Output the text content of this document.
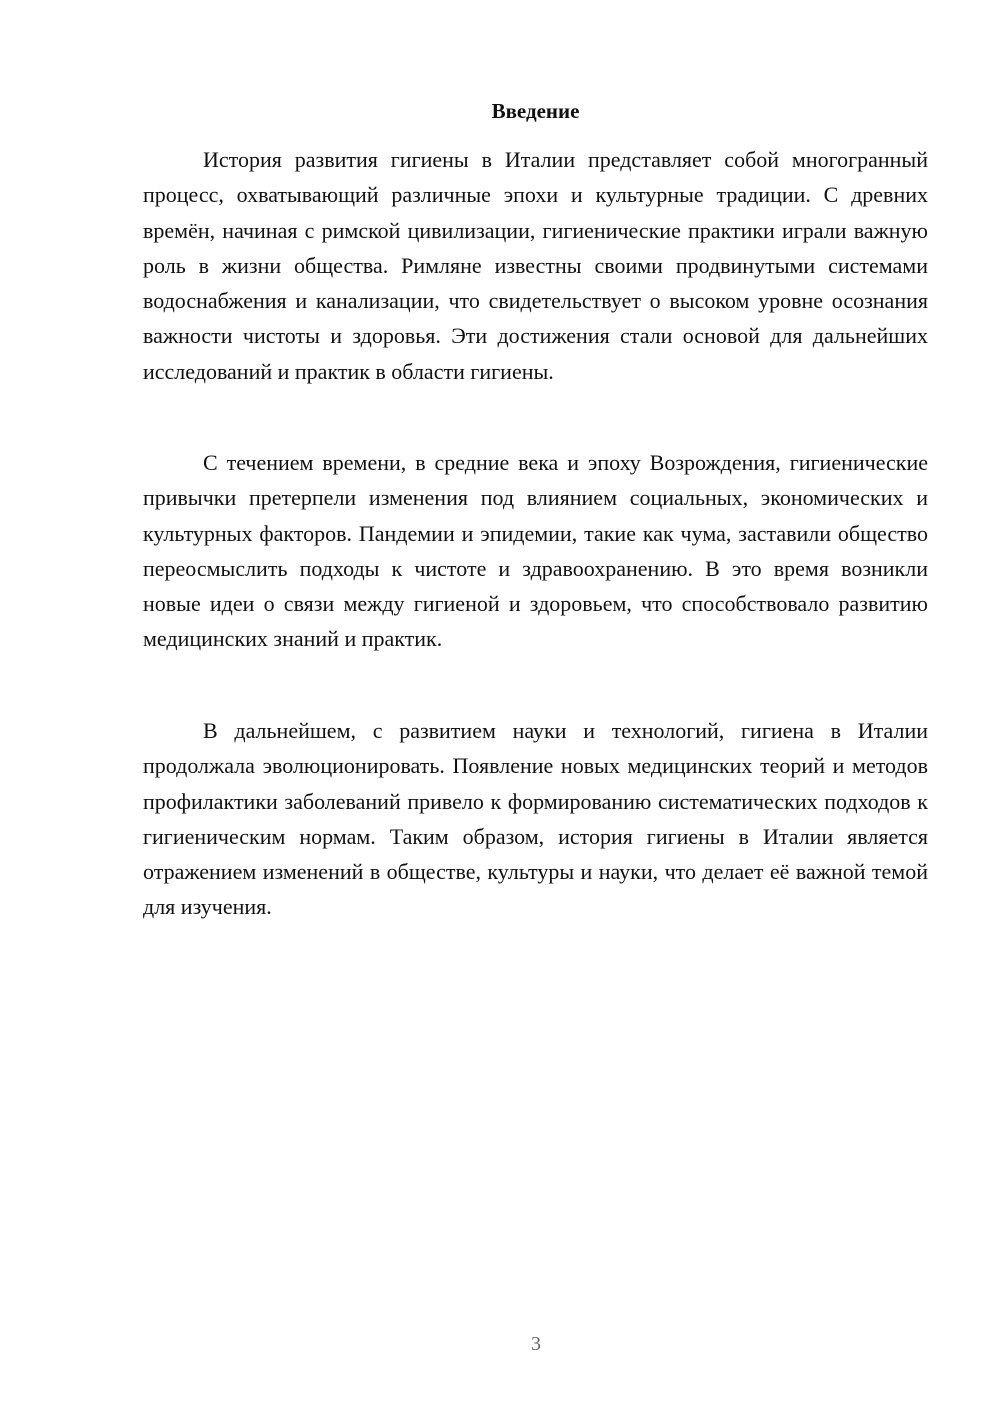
Введение

История развития гигиены в Италии представляет собой многогранный процесс, охватывающий различные эпохи и культурные традиции. С древних времён, начиная с римской цивилизации, гигиенические практики играли важную роль в жизни общества. Римляне известны своими продвинутыми системами водоснабжения и канализации, что свидетельствует о высоком уровне осознания важности чистоты и здоровья. Эти достижения стали основой для дальнейших исследований и практик в области гигиены.

С течением времени, в средние века и эпоху Возрождения, гигиенические привычки претерпели изменения под влиянием социальных, экономических и культурных факторов. Пандемии и эпидемии, такие как чума, заставили общество переосмыслить подходы к чистоте и здравоохранению. В это время возникли новые идеи о связи между гигиеной и здоровьем, что способствовало развитию медицинских знаний и практик.

В дальнейшем, с развитием науки и технологий, гигиена в Италии продолжала эволюционировать. Появление новых медицинских теорий и методов профилактики заболеваний привело к формированию систематических подходов к гигиеническим нормам. Таким образом, история гигиены в Италии является отражением изменений в обществе, культуры и науки, что делает её важной темой для изучения.

3
